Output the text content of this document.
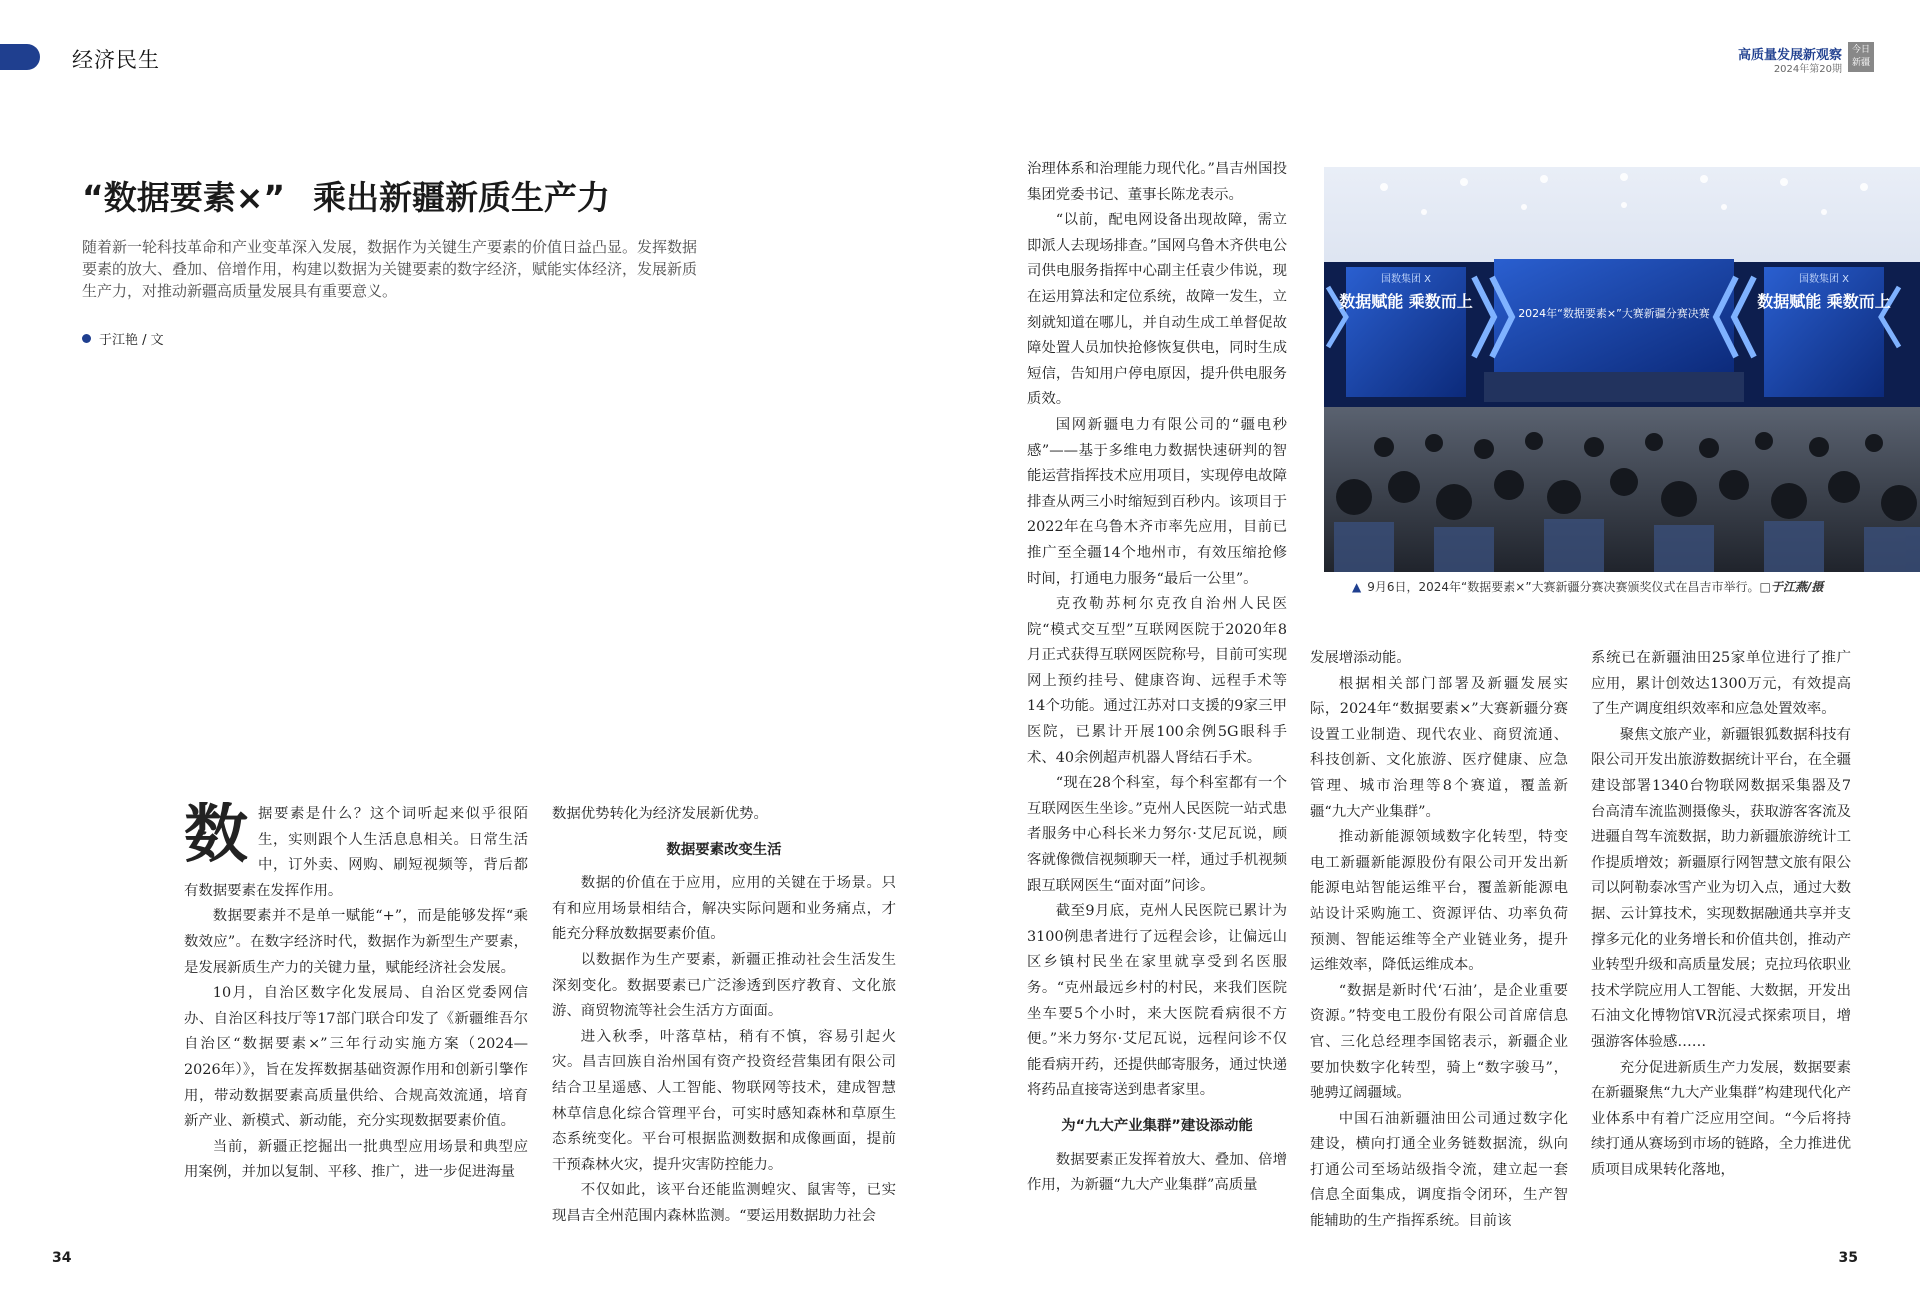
经济民生	高质量发展新观察
2024年第20期
今日新疆
“数据要素×” 乘出新疆新质生产力
随着新一轮科技革命和产业变革深入发展，数据作为关键生产要素的价值日益凸显。发挥数据要素的放大、叠加、倍增作用，构建以数据为关键要素的数字经济，赋能实体经济，发展新质生产力，对推动新疆高质量发展具有重要意义。
于江艳 / 文

数据要素是什么？这个词听起来似乎很陌生，实则跟个人生活息息相关。日常生活中，订外卖、网购、刷短视频等，背后都有数据要素在发挥作用。

数据要素并不是单一赋能“+”，而是能够发挥“乘数效应”。在数字经济时代，数据作为新型生产要素，是发展新质生产力的关键力量，赋能经济社会发展。

10月，自治区数字化发展局、自治区党委网信办、自治区科技厅等17部门联合印发了《新疆维吾尔自治区“数据要素×”三年行动实施方案（2024—2026年）》，旨在发挥数据基础资源作用和创新引擎作用，带动数据要素高质量供给、合规高效流通，培育新产业、新模式、新动能，充分实现数据要素价值。

当前，新疆正挖掘出一批典型应用场景和典型应用案例，并加以复制、平移、推广，进一步促进海量

数据优势转化为经济发展新优势。

数据要素改变生活

数据的价值在于应用，应用的关键在于场景。只有和应用场景相结合，解决实际问题和业务痛点，才能充分释放数据要素价值。

以数据作为生产要素，新疆正推动社会生活发生深刻变化。数据要素已广泛渗透到医疗教育、文化旅游、商贸物流等社会生活方方面面。

进入秋季，叶落草枯，稍有不慎，容易引起火灾。昌吉回族自治州国有资产投资经营集团有限公司结合卫星遥感、人工智能、物联网等技术，建成智慧林草信息化综合管理平台，可实时感知森林和草原生态系统变化。平台可根据监测数据和成像画面，提前干预森林火灾，提升灾害防控能力。

不仅如此，该平台还能监测蝗灾、鼠害等，已实现昌吉全州范围内森林监测。“要运用数据助力社会

治理体系和治理能力现代化。”昌吉州国投集团党委书记、董事长陈龙表示。

“以前，配电网设备出现故障，需立即派人去现场排查。”国网乌鲁木齐供电公司供电服务指挥中心副主任袁少伟说，现在运用算法和定位系统，故障一发生，立刻就知道在哪儿，并自动生成工单督促故障处置人员加快抢修恢复供电，同时生成短信，告知用户停电原因，提升供电服务质效。

国网新疆电力有限公司的“疆电秒感”——基于多维电力数据快速研判的智能运营指挥技术应用项目，实现停电故障排查从两三小时缩短到百秒内。该项目于2022年在乌鲁木齐市率先应用，目前已推广至全疆14个地州市，有效压缩抢修时间，打通电力服务“最后一公里”。

克孜勒苏柯尔克孜自治州人民医院“模式交互型”互联网医院于2020年8月正式获得互联网医院称号，目前可实现网上预约挂号、健康咨询、远程手术等14个功能。通过江苏对口支援的9家三甲医院，已累计开展100余例5G眼科手术、40余例超声机器人肾结石手术。

“现在28个科室，每个科室都有一个互联网医生坐诊。”克州人民医院一站式患者服务中心科长米力努尔·艾尼瓦说，顾客就像微信视频聊天一样，通过手机视频跟互联网医生“面对面”问诊。

截至9月底，克州人民医院已累计为3100例患者进行了远程会诊，让偏远山区乡镇村民坐在家里就享受到名医服务。“克州最远乡村的村民，来我们医院坐车要5个小时，来大医院看病很不方便。”米力努尔·艾尼瓦说，远程问诊不仅能看病开药，还提供邮寄服务，通过快递将药品直接寄送到患者家里。

为“九大产业集群”建设添动能

数据要素正发挥着放大、叠加、倍增作用，为新疆“九大产业集群”高质量

数据赋能 乘数而上	数据赋能 乘数而上
国数集团 X	国数集团 X
2024年“数据要素×”大赛新疆分赛决赛
▲ 9月6日，2024年“数据要素×”大赛新疆分赛决赛颁奖仪式在昌吉市举行。□于江燕/摄

发展增添动能。

根据相关部门部署及新疆发展实际，2024年“数据要素×”大赛新疆分赛设置工业制造、现代农业、商贸流通、科技创新、文化旅游、医疗健康、应急管理、城市治理等8个赛道，覆盖新疆“九大产业集群”。

推动新能源领域数字化转型，特变电工新疆新能源股份有限公司开发出新能源电站智能运维平台，覆盖新能源电站设计采购施工、资源评估、功率负荷预测、智能运维等全产业链业务，提升运维效率，降低运维成本。

“数据是新时代‘石油’，是企业重要资源。”特变电工股份有限公司首席信息官、三化总经理李国铭表示，新疆企业要加快数字化转型，骑上“数字骏马”，驰骋辽阔疆域。

中国石油新疆油田公司通过数字化建设，横向打通全业务链数据流，纵向打通公司至场站级指令流，建立起一套信息全面集成，调度指令闭环，生产智能辅助的生产指挥系统。目前该

系统已在新疆油田25家单位进行了推广应用，累计创效达1300万元，有效提高了生产调度组织效率和应急处置效率。

聚焦文旅产业，新疆银狐数据科技有限公司开发出旅游数据统计平台，在全疆建设部署1340台物联网数据采集器及7台高清车流监测摄像头，获取游客客流及进疆自驾车流数据，助力新疆旅游统计工作提质增效；新疆原行网智慧文旅有限公司以阿勒泰冰雪产业为切入点，通过大数据、云计算技术，实现数据融通共享并支撑多元化的业务增长和价值共创，推动产业转型升级和高质量发展；克拉玛依职业技术学院应用人工智能、大数据，开发出石油文化博物馆VR沉浸式探索项目，增强游客体验感……

充分促进新质生产力发展，数据要素在新疆聚焦“九大产业集群”构建现代化产业体系中有着广泛应用空间。“今后将持续打通从赛场到市场的链路，全力推进优质项目成果转化落地，

34	35
